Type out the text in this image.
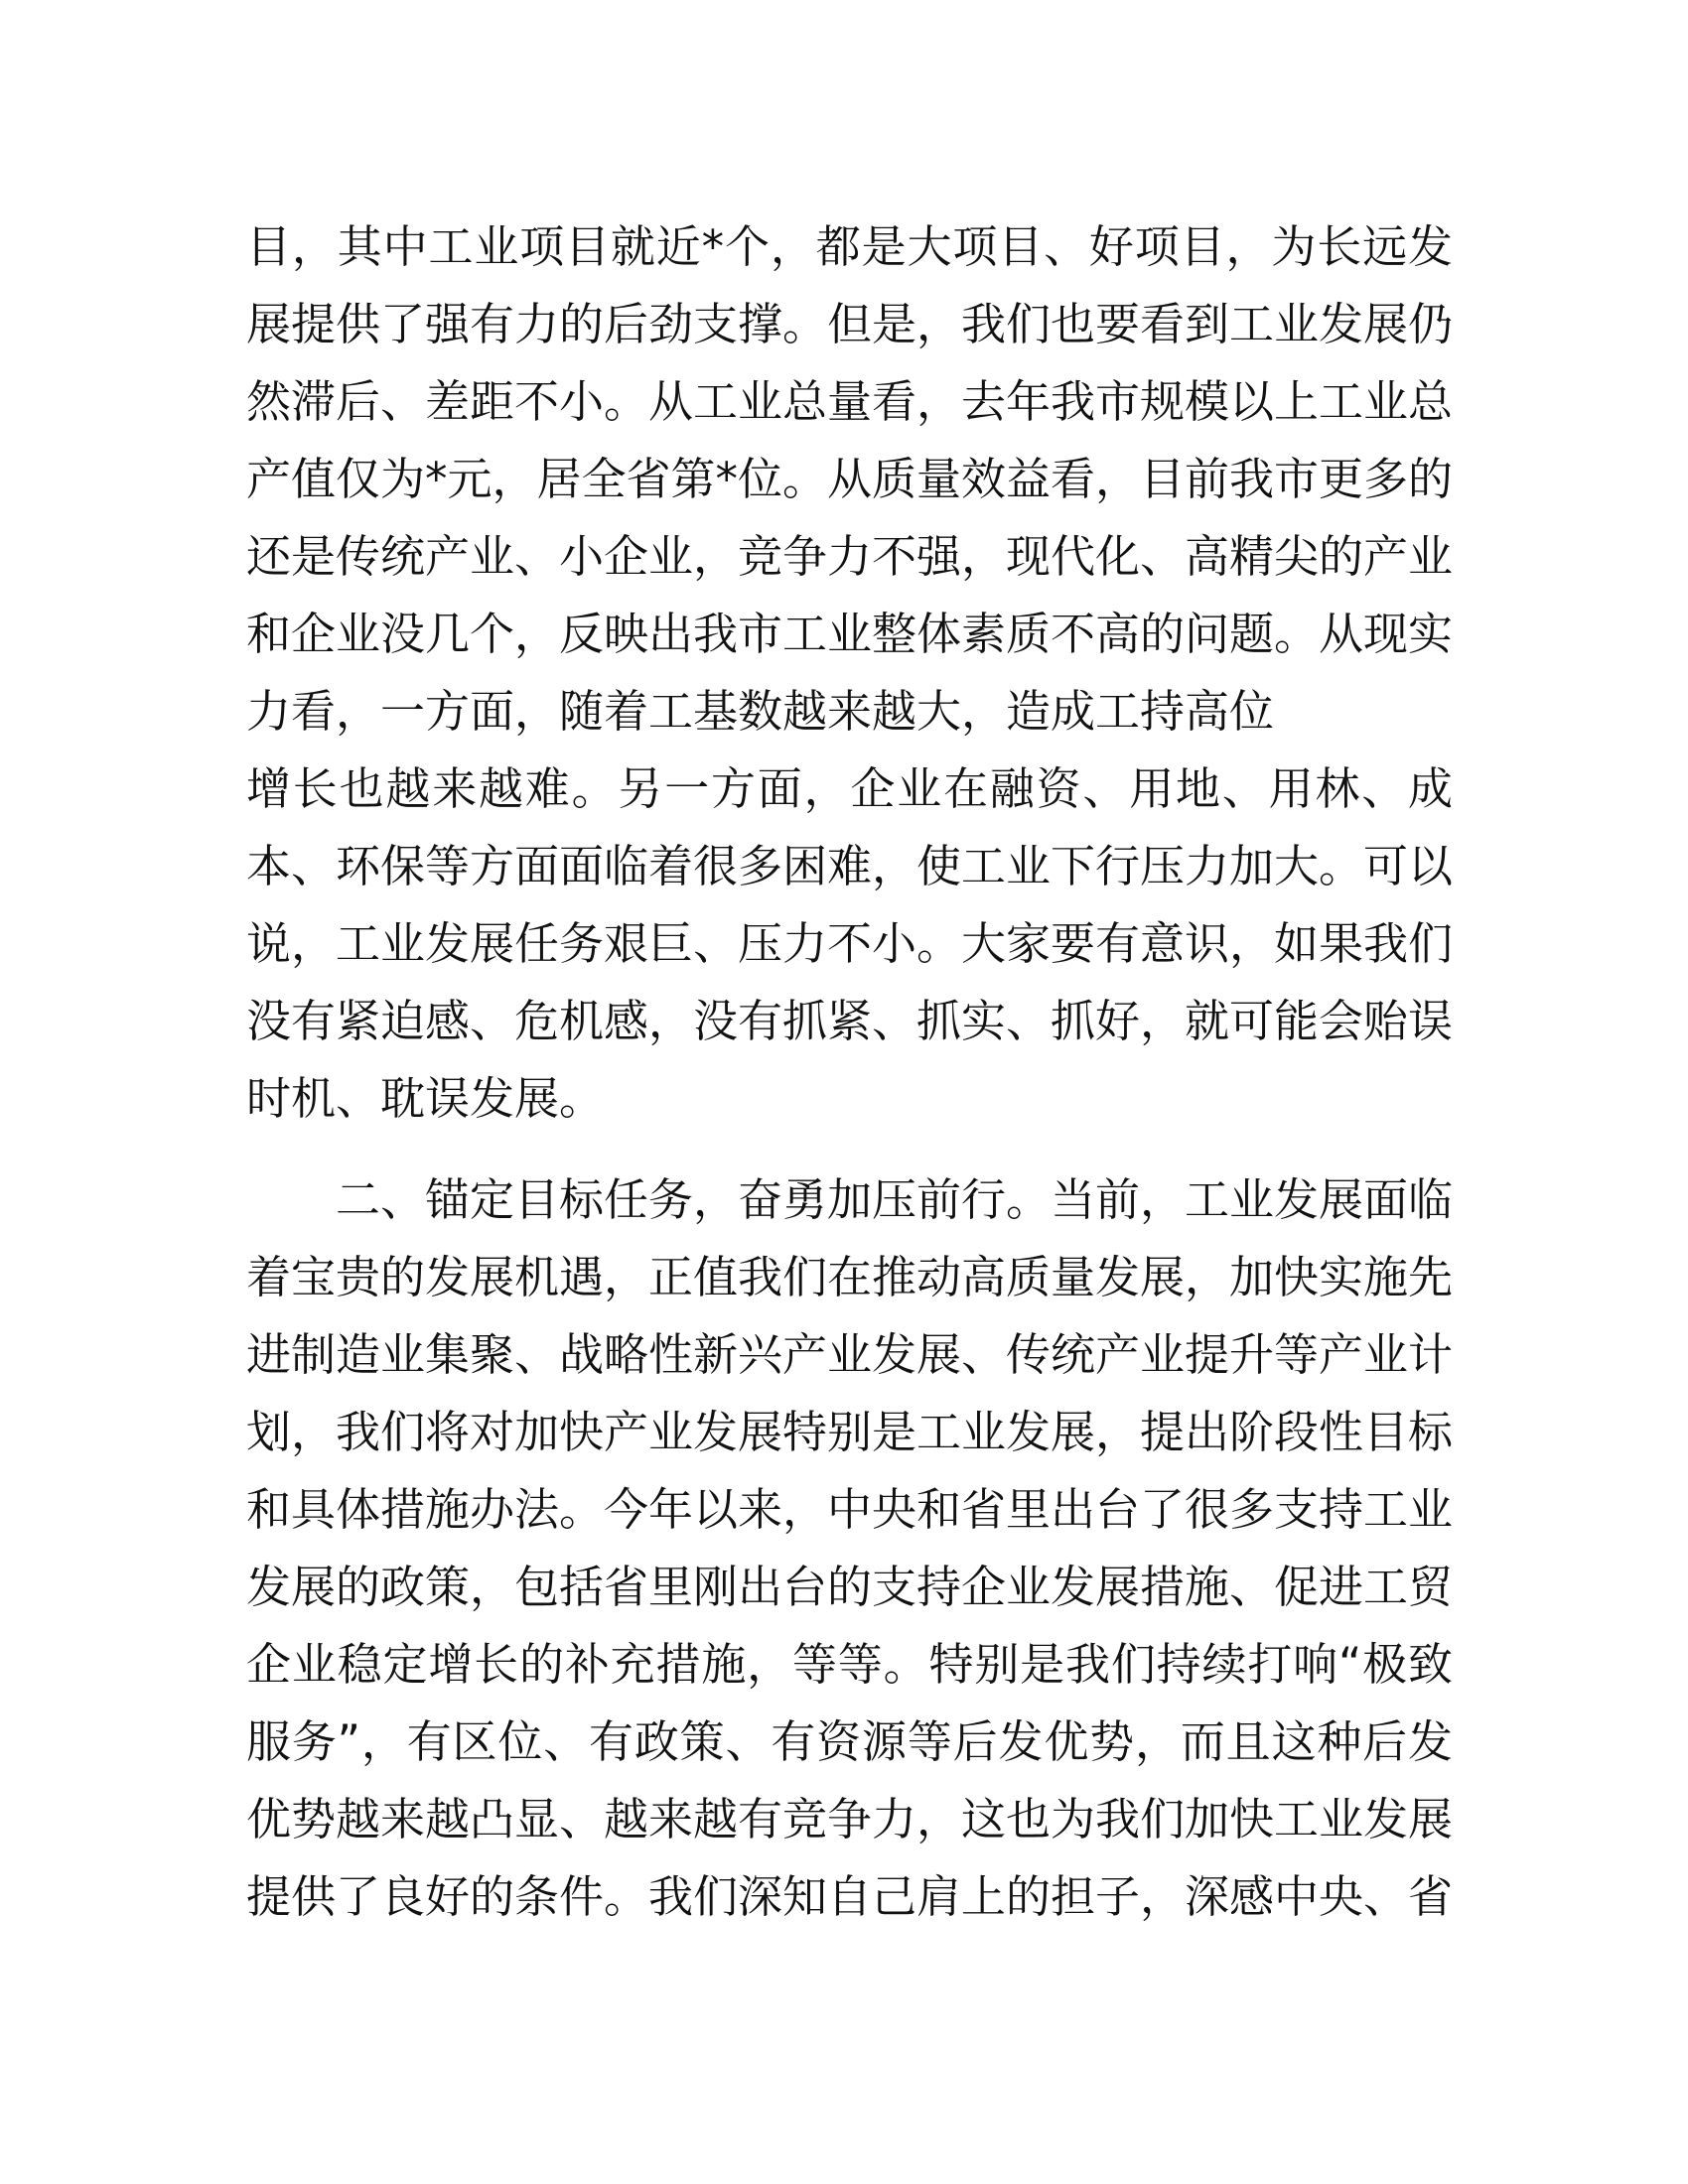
目，其中工业项目就近*个，都是大项目、好项目，为长远发
展提供了强有力的后劲支撑。但是，我们也要看到工业发展仍
然滞后、差距不小。从工业总量看，去年我市规模以上工业总
产值仅为*元，居全省第*位。从质量效益看，目前我市更多的
还是传统产业、小企业，竞争力不强，现代化、高精尖的产业
和企业没几个，反映出我市工业整体素质不高的问题。从现实
力看，一方面，随着工基数越来越大，造成工持高位
增长也越来越难。另一方面，企业在融资、用地、用林、成
本、环保等方面面临着很多困难，使工业下行压力加大。可以
说，工业发展任务艰巨、压力不小。大家要有意识，如果我们
没有紧迫感、危机感，没有抓紧、抓实、抓好，就可能会贻误
时机、耽误发展。
二、锚定目标任务，奋勇加压前行。当前，工业发展面临
着宝贵的发展机遇，正值我们在推动高质量发展，加快实施先
进制造业集聚、战略性新兴产业发展、传统产业提升等产业计
划，我们将对加快产业发展特别是工业发展，提出阶段性目标
和具体措施办法。今年以来，中央和省里出台了很多支持工业
发展的政策，包括省里刚出台的支持企业发展措施、促进工贸
企业稳定增长的补充措施，等等。特别是我们持续打响“极致
服务”，有区位、有政策、有资源等后发优势，而且这种后发
优势越来越凸显、越来越有竞争力，这也为我们加快工业发展
提供了良好的条件。我们深知自己肩上的担子，深感中央、省
